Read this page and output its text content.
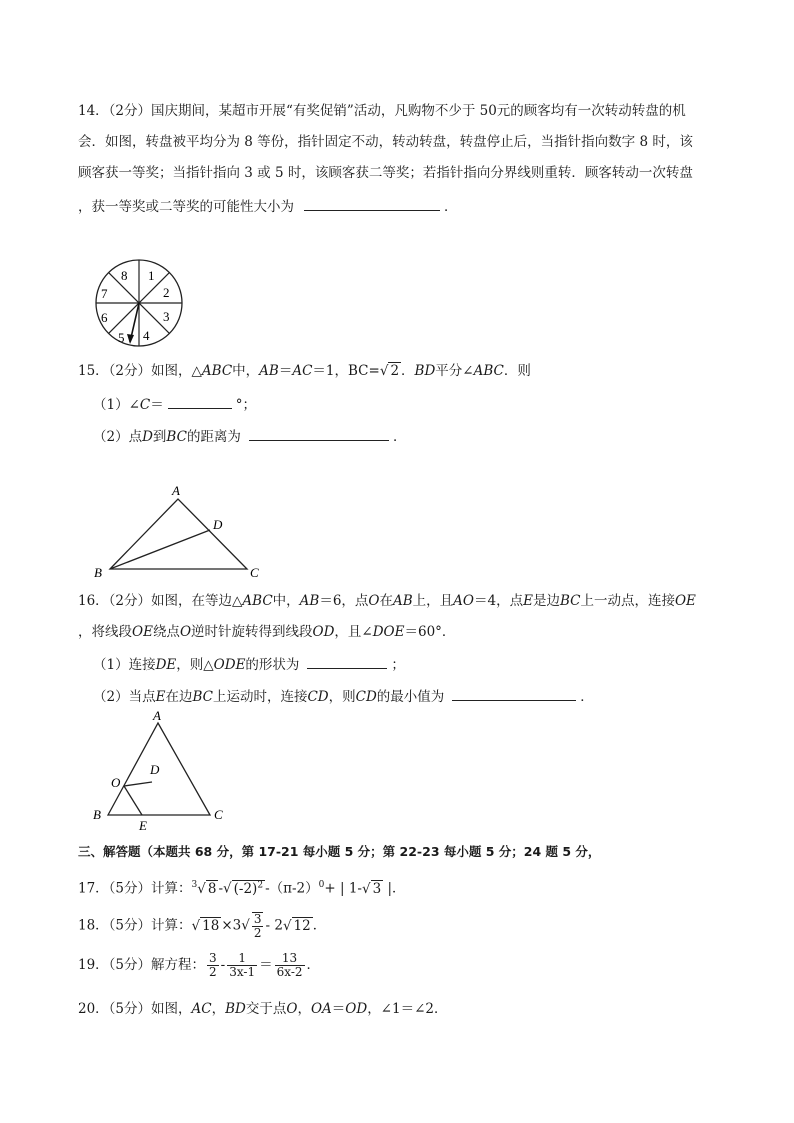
14．（2分）国庆期间，某超市开展“有奖促销”活动，凡购物不少于 50元的顾客均有一次转动转盘的机
会．如图，转盘被平均分为 8 等份，指针固定不动，转动转盘，转盘停止后，当指针指向数字 8 时，该
顾客获一等奖；当指针指向 3 或 5 时，该顾客获二等奖；若指针指向分界线则重转．顾客转动一次转盘
，获一等奖或二等奖的可能性大小为	．
1
2
3
4
5
6
7
8
15．（2分）如图，△ABC中，AB＝AC＝1，BC=√ 2 ．BD平分∠ABC．则
（1）∠C＝	°；
（2）点D到BC的距离为	．
A
B	C
D
16．（2分）如图，在等边△ABC中，AB＝6，点O在AB上，且AO＝4，点E是边BC上一动点，连接OE
，将线段OE绕点O逆时针旋转得到线段OD，且∠DOE＝60°．
（1）连接DE，则△ODE的形状为	；
（2）当点E在边BC上运动时，连接CD，则CD的最小值为	．
A
B	C
D
O
E
三、解答题（本题共 68 分，第 17-21 每小题 5 分；第 22-23 每小题 5 分；24 题 5 分，
17．（5分）计算：$^3$√ 8 -√ $(-2)^2$ $-(\pi-2)^0+$ | 1-√ 3 |．
18．（5分）计算：√ $18 \times 3√ \frac{3}{2} - 2√$ 12 ．
19．（5分）解方程： $\frac{3}{2} - \frac{1}{3x-1} = \frac{13}{6x-2}$ ．
20．（5分）如图，AC，BD交于点O，OA＝OD，∠1＝∠2．
